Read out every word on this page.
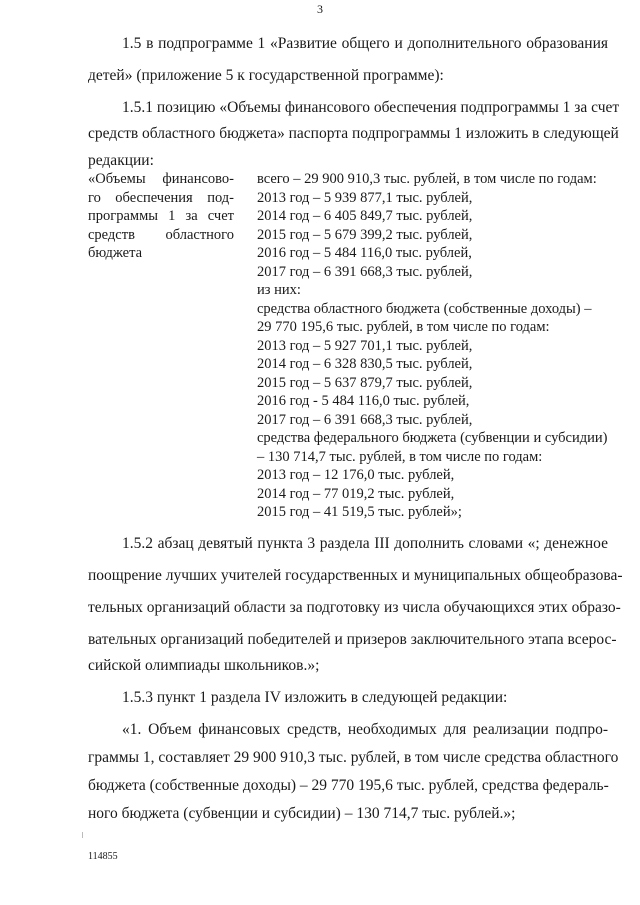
3
1.5 в подпрограмме 1 «Развитие общего и дополнительного образования
детей» (приложение 5 к государственной программе):
1.5.1 позицию «Объемы финансового обеспечения подпрограммы 1 за счет
средств областного бюджета» паспорта подпрограммы 1 изложить в следующей
редакции:
«Объемы финансово-
го обеспечения под-
программы 1 за счет
средств областного
бюджета
всего – 29 900 910,3 тыс. рублей, в том числе по годам:
2013 год – 5 939 877,1 тыс. рублей,
2014 год – 6 405 849,7 тыс. рублей,
2015 год – 5 679 399,2 тыс. рублей,
2016 год – 5 484 116,0 тыс. рублей,
2017 год – 6 391 668,3 тыс. рублей,
из них:
средства областного бюджета (собственные доходы) –
29 770 195,6 тыс. рублей, в том числе по годам:
2013 год – 5 927 701,1 тыс. рублей,
2014 год – 6 328 830,5 тыс. рублей,
2015 год – 5 637 879,7 тыс. рублей,
2016 год - 5 484 116,0 тыс. рублей,
2017 год – 6 391 668,3 тыс. рублей,
средства федерального бюджета (субвенции и субсидии)
– 130 714,7 тыс. рублей, в том числе по годам:
2013 год – 12 176,0 тыс. рублей,
2014 год – 77 019,2 тыс. рублей,
2015 год – 41 519,5 тыс. рублей»;
1.5.2 абзац девятый пункта 3 раздела III дополнить словами «; денежное
поощрение лучших учителей государственных и муниципальных общеобразова-
тельных организаций области за подготовку из числа обучающихся этих образо-
вательных организаций победителей и призеров заключительного этапа всерос-
сийской олимпиады школьников.»;
1.5.3 пункт 1 раздела IV изложить в следующей редакции:
«1. Объем финансовых средств, необходимых для реализации подпро-
граммы 1, составляет 29 900 910,3 тыс. рублей, в том числе средства областного
бюджета (собственные доходы) – 29 770 195,6 тыс. рублей, средства федераль-
ного бюджета (субвенции и субсидии) – 130 714,7 тыс. рублей.»;
114855
